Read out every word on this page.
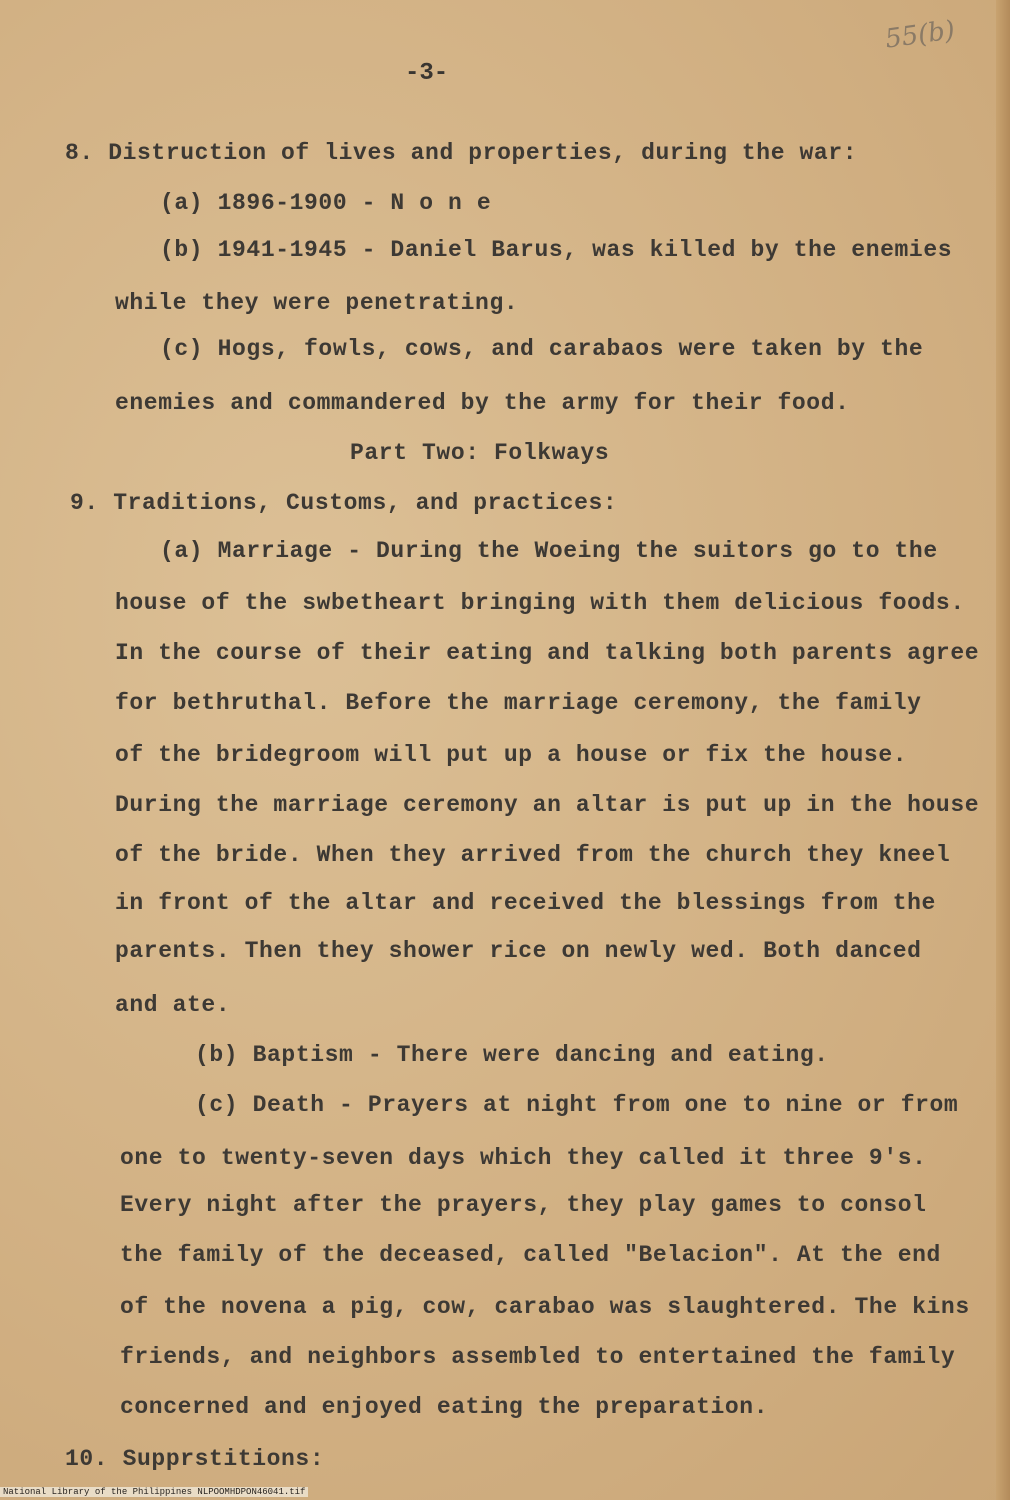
-3-
55(b)
8. Distruction of lives and properties, during the war:
(a) 1896-1900 - N o n e
(b) 1941-1945 - Daniel Barus, was killed by the enemies
while they were penetrating.
(c) Hogs, fowls, cows, and carabaos were taken by the
enemies and commandered by the army for their food.
Part Two: Folkways
9. Traditions, Customs, and practices:
(a) Marriage - During the Woeing the suitors go to the
house of the swbetheart bringing with them delicious foods.
In the course of their eating and talking both parents agree
for bethruthal. Before the marriage ceremony, the family
of the bridegroom will put up a house or fix the house.
During the marriage ceremony an altar is put up in the house
of the bride. When they arrived from the church they kneel
in front of the altar and received the blessings from the
parents. Then they shower rice on newly wed. Both danced
and ate.
(b) Baptism - There were dancing and eating.
(c) Death - Prayers at night from one to nine or from
one to twenty-seven days which they called it three 9's.
Every night after the prayers, they play games to consol
the family of the deceased, called "Belacion". At the end
of the novena a pig, cow, carabao was slaughtered. The kins
friends, and neighbors assembled to entertained the family
concerned and enjoyed eating the preparation.
10. Supprstitions:
National Library of the Philippines NLPOOMHDPON46041.tif
